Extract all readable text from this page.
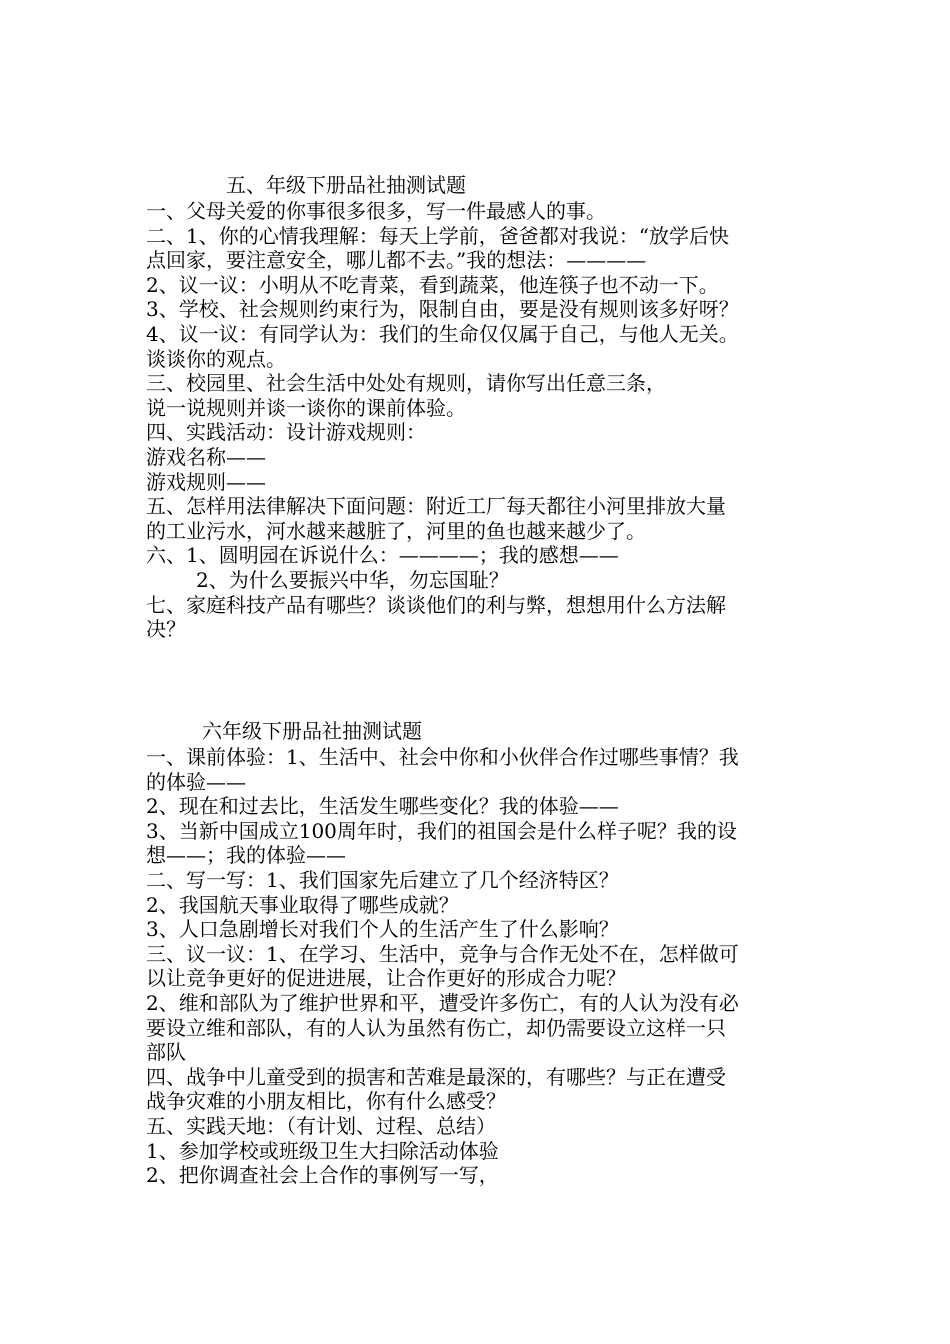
五、年级下册品社抽测试题
一、父母关爱的你事很多很多，写一件最感人的事。
二、1、你的心情我理解：每天上学前，爸爸都对我说：“放学后快
点回家，要注意安全，哪儿都不去。”我的想法：————
2、议一议：小明从不吃青菜，看到蔬菜，他连筷子也不动一下。
3、学校、社会规则约束行为，限制自由，要是没有规则该多好呀？
4、议一议：有同学认为：我们的生命仅仅属于自己，与他人无关。
谈谈你的观点。
三、校园里、社会生活中处处有规则，请你写出任意三条，
说一说规则并谈一谈你的课前体验。
四、实践活动：设计游戏规则：
游戏名称——
游戏规则——
五、怎样用法律解决下面问题：附近工厂每天都往小河里排放大量
的工业污水，河水越来越脏了，河里的鱼也越来越少了。
六、1、圆明园在诉说什么：————；我的感想——
2、为什么要振兴中华，勿忘国耻？
七、家庭科技产品有哪些？谈谈他们的利与弊，想想用什么方法解
决？
六年级下册品社抽测试题
一、课前体验：1、生活中、社会中你和小伙伴合作过哪些事情？我
的体验——
2、现在和过去比，生活发生哪些变化？我的体验——
3、当新中国成立100周年时，我们的祖国会是什么样子呢？我的设
想——；我的体验——
二、写一写：1、我们国家先后建立了几个经济特区？
2、我国航天事业取得了哪些成就？
3、人口急剧增长对我们个人的生活产生了什么影响？
三、议一议：1、在学习、生活中，竞争与合作无处不在，怎样做可
以让竞争更好的促进进展，让合作更好的形成合力呢？
2、维和部队为了维护世界和平，遭受许多伤亡，有的人认为没有必
要设立维和部队，有的人认为虽然有伤亡，却仍需要设立这样一只
部队
四、战争中儿童受到的损害和苦难是最深的，有哪些？与正在遭受
战争灾难的小朋友相比，你有什么感受？
五、实践天地：（有计划、过程、总结）
1、参加学校或班级卫生大扫除活动体验
2、把你调查社会上合作的事例写一写，
